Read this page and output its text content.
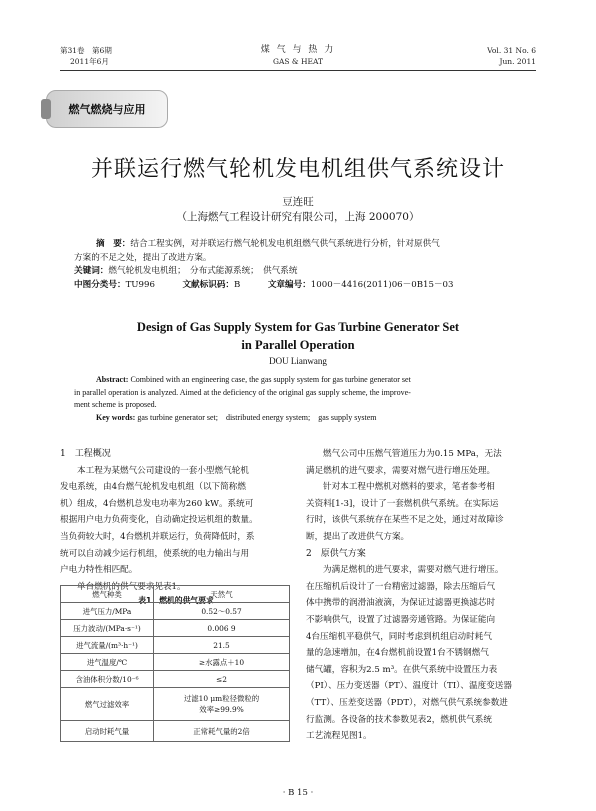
第31卷　第6期
2011年6月
煤 气 与 热 力
GAS & HEAT
Vol. 31 No. 6
Jun. 2011
燃气燃烧与应用
并联运行燃气轮机发电机组供气系统设计
豆连旺
（上海燃气工程设计研究有限公司，上海 200070）
摘　要：结合工程实例，对并联运行燃气轮机发电机组燃气供气系统进行分析，针对原供气
方案的不足之处，提出了改进方案。
关键词：燃气轮机发电机组；　分布式能源系统；　供气系统
中图分类号：TU996	文献标识码：B	文章编号：1000－4416(2011)06－0B15－03
Design of Gas Supply System for Gas Turbine Generator Set
in Parallel Operation
DOU Lianwang
Abstract: Combined with an engineering case, the gas supply system for gas turbine generator set
in parallel operation is analyzed. Aimed at the deficiency of the original gas supply scheme, the improve-
ment scheme is proposed.
Key words: gas turbine generator set;　distributed energy system;　gas supply system
1　工程概况
本工程为某燃气公司建设的一套小型燃气轮机
发电系统，由4台燃气轮机发电机组（以下简称燃
机）组成，4台燃机总发电功率为260 kW。系统可
根据用户电力负荷变化，自动确定投运机组的数量。
当负荷较大时，4台燃机并联运行，负荷降低时，系
统可以自动减少运行机组，使系统的电力输出与用
户电力特性相匹配。
单台燃机的供气要求见表1。
表1　燃机的供气要求
燃气种类	天然气
进气压力/MPa	0.52～0.57
压力波动/(MPa·s⁻¹)	0.006 9
进气流量/(m³·h⁻¹)	21.5
进气温度/℃	≥水露点＋10
含油体积分数/10⁻⁶	≤2
燃气过滤效率	过滤10 μm粒径微粒的
效率≥99.9%
启动时耗气量	正常耗气量的2倍
燃气公司中压燃气管道压力为0.15 MPa，无法
满足燃机的进气要求，需要对燃气进行增压处理。
针对本工程中燃机对燃料的要求，笔者参考相
关资料[1-3]，设计了一套燃机供气系统。在实际运
行时，该供气系统存在某些不足之处，通过对故障诊
断，提出了改进供气方案。
2　原供气方案
为满足燃机的进气要求，需要对燃气进行增压。
在压缩机后设计了一台精密过滤器，除去压缩后气
体中携带的润滑油液滴，为保证过滤器更换滤芯时
不影响供气，设置了过滤器旁通管路。为保证能向
4台压缩机平稳供气，同时考虑到机组启动时耗气
量的急速增加，在4台燃机前设置1台不锈钢燃气
储气罐，容积为2.5 m³。在供气系统中设置压力表
（PI）、压力变送器（PT）、温度计（TI）、温度变送器
（TT）、压差变送器（PDT），对燃气供气系统参数进
行监测。各设备的技术参数见表2，燃机供气系统
工艺流程见图1。
· B 15 ·
